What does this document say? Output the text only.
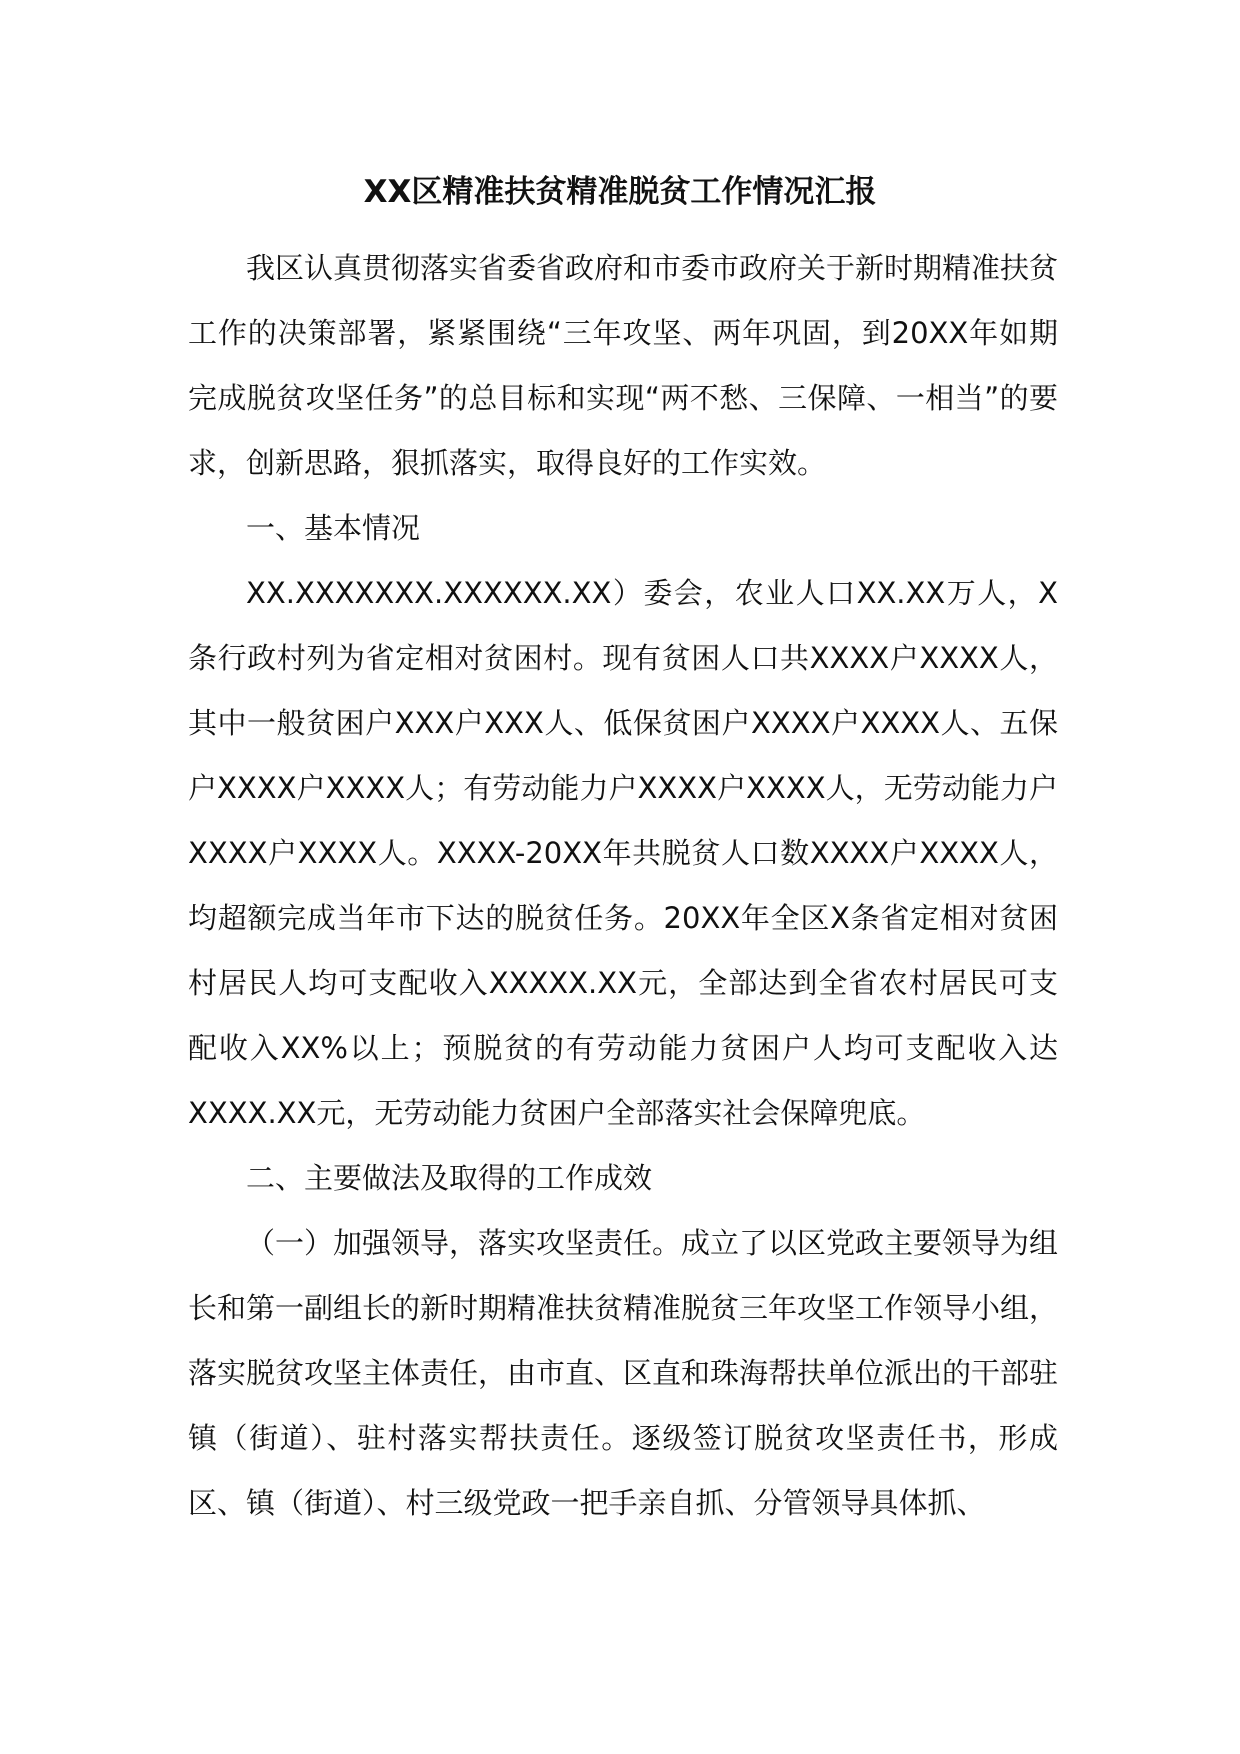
XX区精准扶贫精准脱贫工作情况汇报

我区认真贯彻落实省委省政府和市委市政府关于新时期精准扶贫工作的决策部署，紧紧围绕“三年攻坚、两年巩固，到20XX年如期完成脱贫攻坚任务”的总目标和实现“两不愁、三保障、一相当”的要求，创新思路，狠抓落实，取得良好的工作实效。

一、基本情况

XX.XXXXXXX.XXXXXX.XX）委会，农业人口XX.XX万人，X条行政村列为省定相对贫困村。现有贫困人口共XXXX户XXXX人，其中一般贫困户XXX户XXX人、低保贫困户XXXX户XXXX人、五保户XXXX户XXXX人；有劳动能力户XXXX户XXXX人，无劳动能力户XXXX户XXXX人。XXXX-20XX年共脱贫人口数XXXX户XXXX人，均超额完成当年市下达的脱贫任务。20XX年全区X条省定相对贫困村居民人均可支配收入XXXXX.XX元，全部达到全省农村居民可支配收入XX%以上；预脱贫的有劳动能力贫困户人均可支配收入达XXXX.XX元，无劳动能力贫困户全部落实社会保障兜底。

二、主要做法及取得的工作成效

（一）加强领导，落实攻坚责任。成立了以区党政主要领导为组长和第一副组长的新时期精准扶贫精准脱贫三年攻坚工作领导小组，落实脱贫攻坚主体责任，由市直、区直和珠海帮扶单位派出的干部驻镇（街道）、驻村落实帮扶责任。逐级签订脱贫攻坚责任书，形成区、镇（街道）、村三级党政一把手亲自抓、分管领导具体抓、
